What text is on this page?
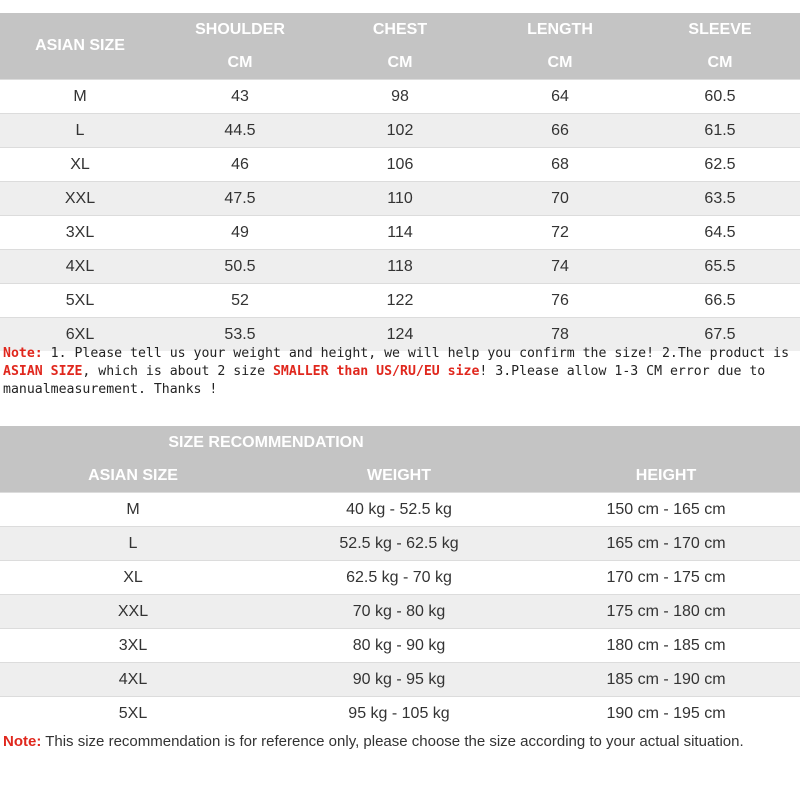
ASIAN SIZE	SHOULDER	CHEST	LENGTH	SLEEVE
	CM	CM	CM	CM
M	43	98	64	60.5
L	44.5	102	66	61.5
XL	46	106	68	62.5
XXL	47.5	110	70	63.5
3XL	49	114	72	64.5
4XL	50.5	118	74	65.5
5XL	52	122	76	66.5
6XL	53.5	124	78	67.5
Note: 1. Please tell us your weight and height, we will help you confirm the size! 2.The product is ASIAN SIZE, which is about 2 size SMALLER than US/RU/EU size! 3.Please allow 1-3 CM error due to manualmeasurement. Thanks !
SIZE RECOMMENDATION		
ASIAN SIZE	WEIGHT	HEIGHT
M	40 kg - 52.5 kg	150 cm - 165 cm
L	52.5 kg - 62.5 kg	165 cm - 170 cm
XL	62.5 kg - 70 kg	170 cm - 175 cm
XXL	70 kg - 80 kg	175 cm - 180 cm
3XL	80 kg - 90 kg	180 cm - 185 cm
4XL	90 kg - 95 kg	185 cm - 190 cm
5XL	95 kg - 105 kg	190 cm - 195 cm
Note: This size recommendation is for reference only, please choose the size according to your actual situation.
